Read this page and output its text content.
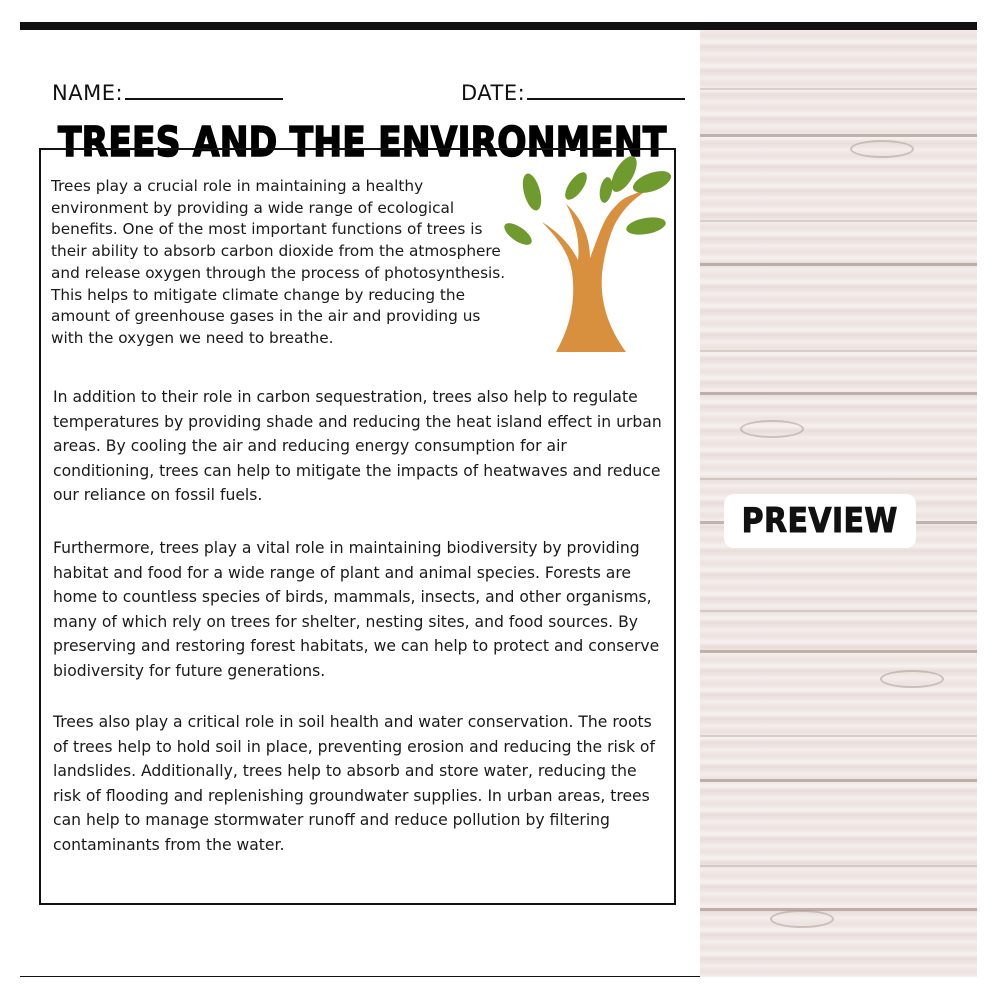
NAME:	DATE:
TREES AND THE ENVIRONMENT

Trees play a crucial role in maintaining a healthy environment by providing a wide range of ecological benefits. One of the most important functions of trees is their ability to absorb carbon dioxide from the atmosphere and release oxygen through the process of photosynthesis. This helps to mitigate climate change by reducing the amount of greenhouse gases in the air and providing us with the oxygen we need to breathe.

In addition to their role in carbon sequestration, trees also help to regulate temperatures by providing shade and reducing the heat island effect in urban areas. By cooling the air and reducing energy consumption for air conditioning, trees can help to mitigate the impacts of heatwaves and reduce our reliance on fossil fuels.

Furthermore, trees play a vital role in maintaining biodiversity by providing habitat and food for a wide range of plant and animal species. Forests are home to countless species of birds, mammals, insects, and other organisms, many of which rely on trees for shelter, nesting sites, and food sources. By preserving and restoring forest habitats, we can help to protect and conserve biodiversity for future generations.

Trees also play a critical role in soil health and water conservation. The roots of trees help to hold soil in place, preventing erosion and reducing the risk of landslides. Additionally, trees help to absorb and store water, reducing the risk of flooding and replenishing groundwater supplies. In urban areas, trees can help to manage stormwater runoff and reduce pollution by filtering contaminants from the water.

PREVIEW
